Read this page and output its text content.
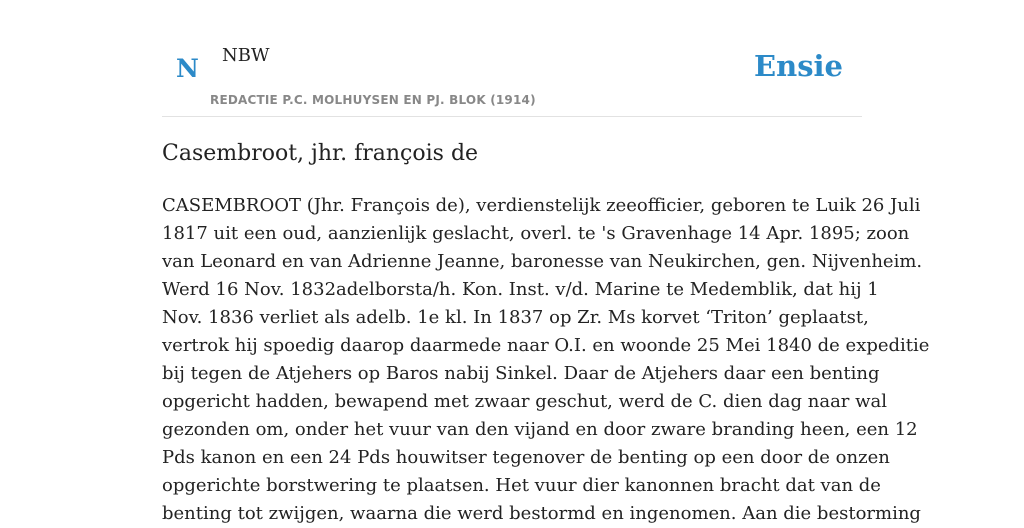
N NBW
REDACTIE P.C. MOLHUYSEN EN PJ. BLOK (1914)
Ensie
Casembroot, jhr. françois de
CASEMBROOT (Jhr. François de), verdienstelijk zeeofficier, geboren te Luik 26 Juli
1817 uit een oud, aanzienlijk geslacht, overl. te 's Gravenhage 14 Apr. 1895; zoon
van Leonard en van Adrienne Jeanne, baronesse van Neukirchen, gen. Nijvenheim.
Werd 16 Nov. 1832adelborsta/h. Kon. Inst. v/d. Marine te Medemblik, dat hij 1
Nov. 1836 verliet als adelb. 1e kl. In 1837 op Zr. Ms korvet ‘Triton’ geplaatst,
vertrok hij spoedig daarop daarmede naar O.I. en woonde 25 Mei 1840 de expeditie
bij tegen de Atjehers op Baros nabij Sinkel. Daar de Atjehers daar een benting
opgericht hadden, bewapend met zwaar geschut, werd de C. dien dag naar wal
gezonden om, onder het vuur van den vijand en door zware branding heen, een 12
Pds kanon en een 24 Pds houwitser tegenover de benting op een door de onzen
opgerichte borstwering te plaatsen. Het vuur dier kanonnen bracht dat van de
benting tot zwijgen, waarna die werd bestormd en ingenomen. Aan die bestorming
